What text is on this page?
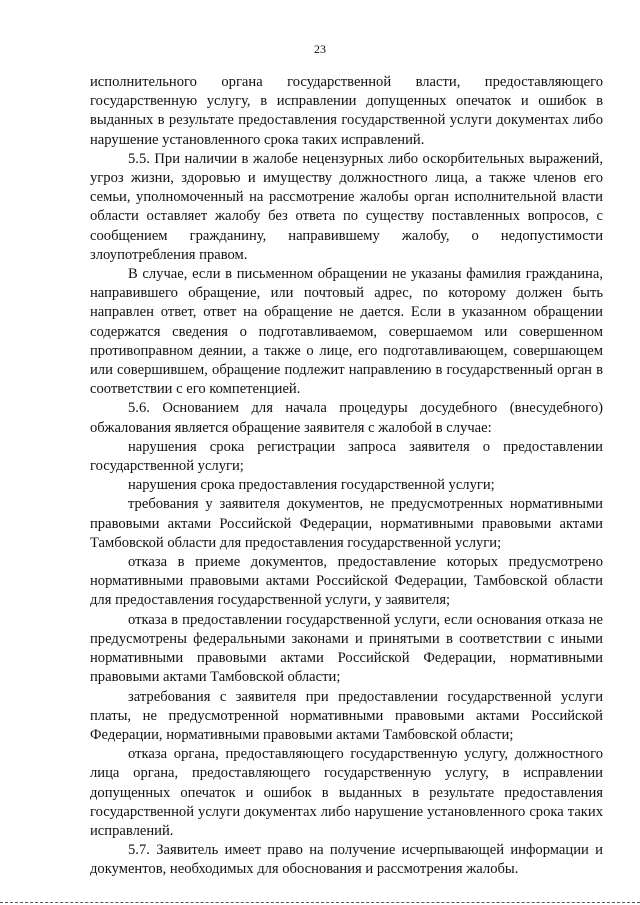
23

исполнительного органа государственной власти, предоставляющего государственную услугу, в исправлении допущенных опечаток и ошибок в выданных в результате предоставления государственной услуги документах либо нарушение установленного срока таких исправлений.

5.5. При наличии в жалобе нецензурных либо оскорбительных выражений, угроз жизни, здоровью и имуществу должностного лица, а также членов его семьи, уполномоченный на рассмотрение жалобы орган исполнительной власти области оставляет жалобу без ответа по существу поставленных вопросов, с сообщением гражданину, направившему жалобу, о недопустимости злоупотребления правом.

В случае, если в письменном обращении не указаны фамилия гражданина, направившего обращение, или почтовый адрес, по которому должен быть направлен ответ, ответ на обращение не дается. Если в указанном обращении содержатся сведения о подготавливаемом, совершаемом или совершенном противоправном деянии, а также о лице, его подготавливающем, совершающем или совершившем, обращение подлежит направлению в государственный орган в соответствии с его компетенцией.

5.6. Основанием для начала процедуры досудебного (внесудебного) обжалования является обращение заявителя с жалобой в случае:

нарушения срока регистрации запроса заявителя о предоставлении государственной услуги;

нарушения срока предоставления государственной услуги;

требования у заявителя документов, не предусмотренных нормативными правовыми актами Российской Федерации, нормативными правовыми актами Тамбовской области для предоставления государственной услуги;

отказа в приеме документов, предоставление которых предусмотрено нормативными правовыми актами Российской Федерации, Тамбовской области для предоставления государственной услуги, у заявителя;

отказа в предоставлении государственной услуги, если основания отказа не предусмотрены федеральными законами и принятыми в соответствии с иными нормативными правовыми актами Российской Федерации, нормативными правовыми актами Тамбовской области;

затребования с заявителя при предоставлении государственной услуги платы, не предусмотренной нормативными правовыми актами Российской Федерации, нормативными правовыми актами Тамбовской области;

отказа органа, предоставляющего государственную услугу, должностного лица органа, предоставляющего государственную услугу, в исправлении допущенных опечаток и ошибок в выданных в результате предоставления государственной услуги документах либо нарушение установленного срока таких исправлений.

5.7. Заявитель имеет право на получение исчерпывающей информации и документов, необходимых для обоснования и рассмотрения жалобы.
